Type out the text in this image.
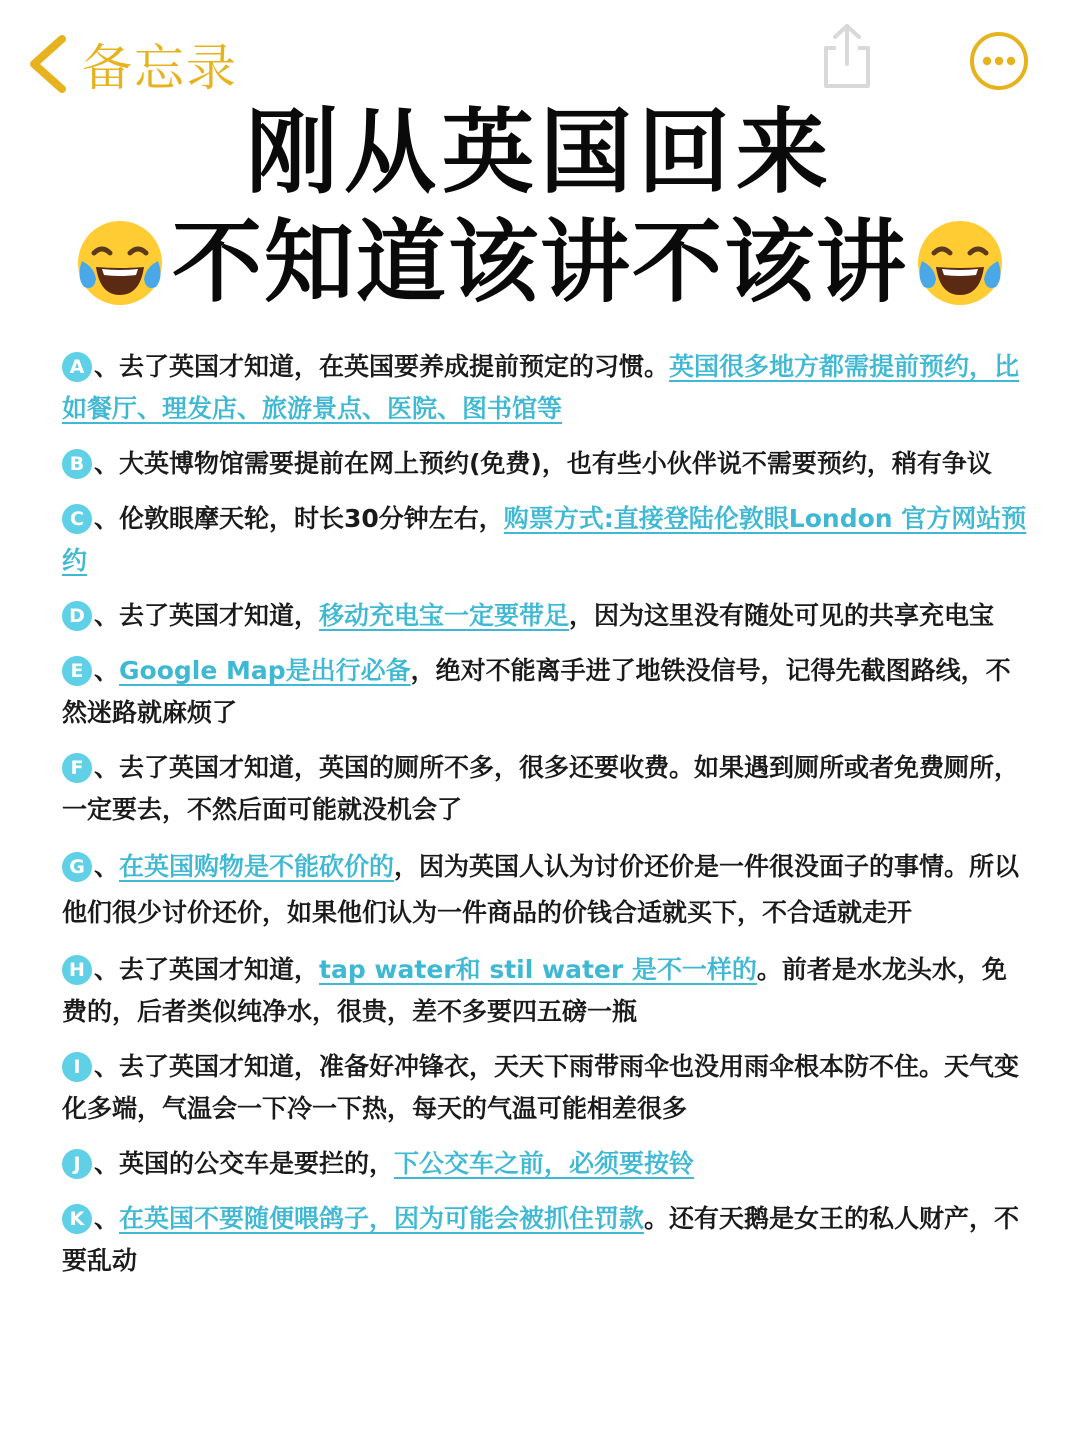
备忘录
刚从英国回来
不知道该讲不该讲
A 、去了英国才知道，在英国要养成提前预定的习惯。英国很多地方都需提前预约，比如餐厅、理发店、旅游景点、医院、图书馆等
B 、大英博物馆需要提前在网上预约(免费)，也有些小伙伴说不需要预约，稍有争议
C 、伦敦眼摩天轮，时长30分钟左右，购票方式:直接登陆伦敦眼London 官方网站预约
D 、去了英国才知道，移动充电宝一定要带足，因为这里没有随处可见的共享充电宝
E 、Google Map是出行必备，绝对不能离手进了地铁没信号，记得先截图路线，不然迷路就麻烦了
F 、去了英国才知道，英国的厕所不多，很多还要收费。如果遇到厕所或者免费厕所，一定要去，不然后面可能就没机会了
G 、在英国购物是不能砍价的，因为英国人认为讨价还价是一件很没面子的事情。所以他们很少讨价还价，如果他们认为一件商品的价钱合适就买下，不合适就走开
H 、去了英国才知道，tap water和 stil water 是不一样的。前者是水龙头水，免费的，后者类似纯净水，很贵，差不多要四五磅一瓶
I 、去了英国才知道，准备好冲锋衣，天天下雨带雨伞也没用雨伞根本防不住。天气变化多端，气温会一下冷一下热，每天的气温可能相差很多
J 、英国的公交车是要拦的，下公交车之前，必须要按铃
K 、在英国不要随便喂鸽子，因为可能会被抓住罚款。还有天鹅是女王的私人财产，不要乱动
